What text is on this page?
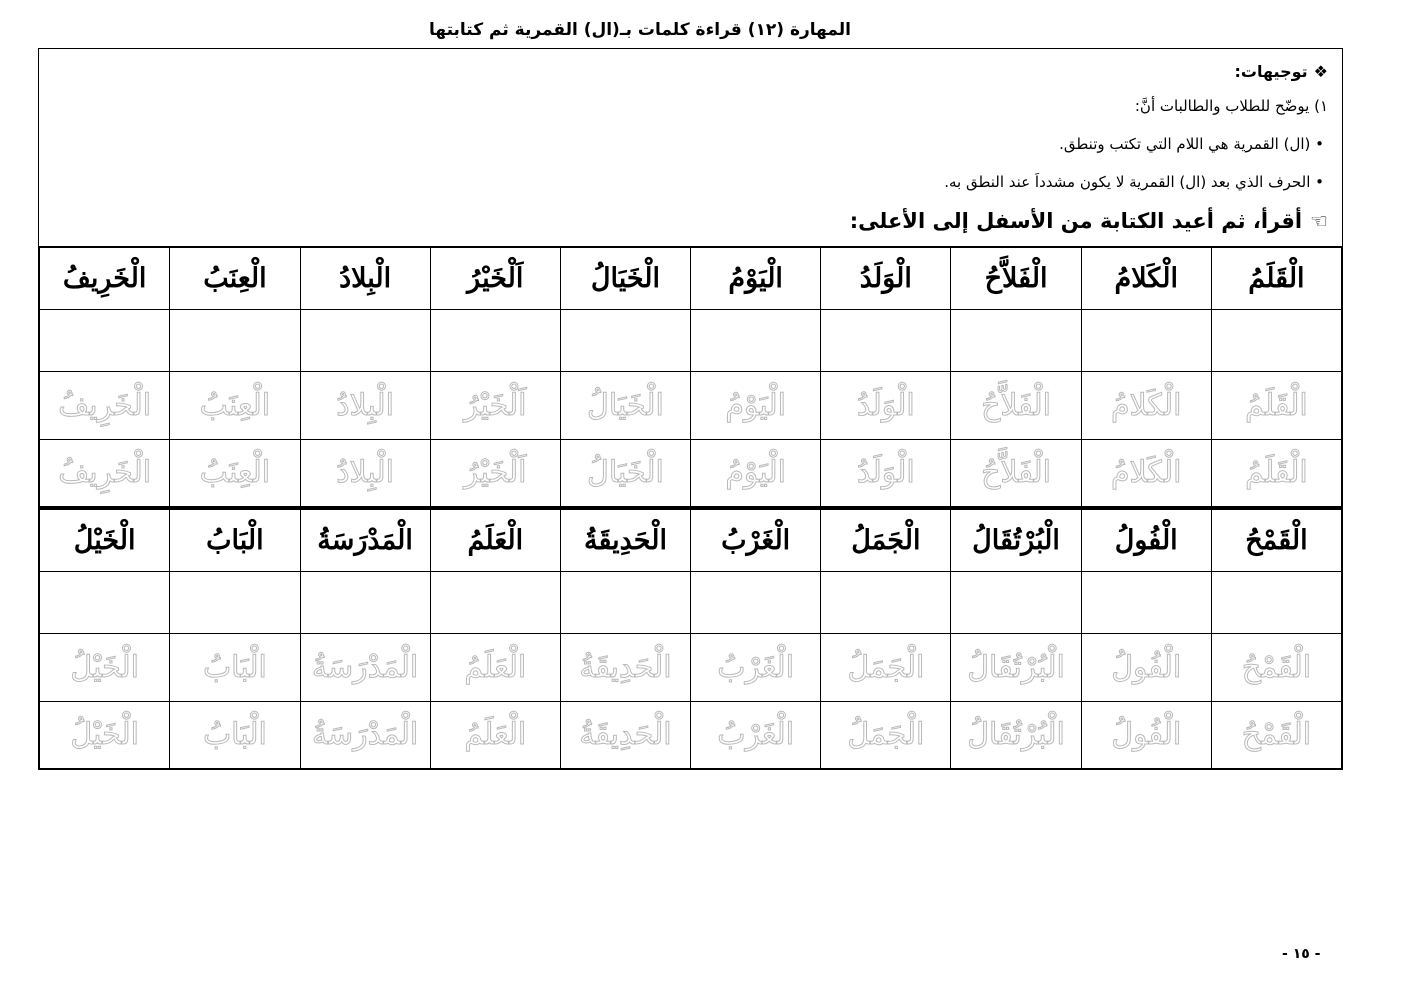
المهارة (١٢) قراءة كلمات بـ(ال) القمرية ثم كتابتها
❖توجيهات:
١) يوضّح للطلاب والطالبات أنَّ:
• (ال) القمرية هي اللام التي تكتب وتنطق.
• الحرف الذي بعد (ال) القمرية لا يكون مشدداَ عند النطق به.
☜أقرأ، ثم أعيد الكتابة من الأسفل إلى الأعلى:
الْقَلَمُ	الْكَلامُ	الْفَلاَّحُ	الْوَلَدُ	الْيَوْمُ	الْخَيَالُ	اَلْخَيْرُ	الْبِلادُ	الْعِنَبُ	الْخَرِيفُ

الْقَلَمُ	الْكَلامُ	الْفَلاَّحُ	الْوَلَدُ	الْيَوْمُ	الْخَيَالُ	اَلْخَيْرُ	الْبِلادُ	الْعِنَبُ	الْخَرِيفُ
الْقَلَمُ	الْكَلامُ	الْفَلاَّحُ	الْوَلَدُ	الْيَوْمُ	الْخَيَالُ	اَلْخَيْرُ	الْبِلادُ	الْعِنَبُ	الْخَرِيفُ
الْقَمْحُ	الْفُولُ	الْبُرْتُقَالُ	الْجَمَلُ	الْغَرْبُ	الْحَدِيقَةُ	الْعَلَمُ	الْمَدْرَسَةُ	الْبَابُ	الْخَيْلُ

الْقَمْحُ	الْفُولُ	الْبُرْتُقَالُ	الْجَمَلُ	الْغَرْبُ	الْحَدِيقَةُ	الْعَلَمُ	الْمَدْرَسَةُ	الْبَابُ	الْخَيْلُ
الْقَمْحُ	الْفُولُ	الْبُرْتُقَالُ	الْجَمَلُ	الْغَرْبُ	الْحَدِيقَةُ	الْعَلَمُ	الْمَدْرَسَةُ	الْبَابُ	الْخَيْلُ
- ١٥ -
